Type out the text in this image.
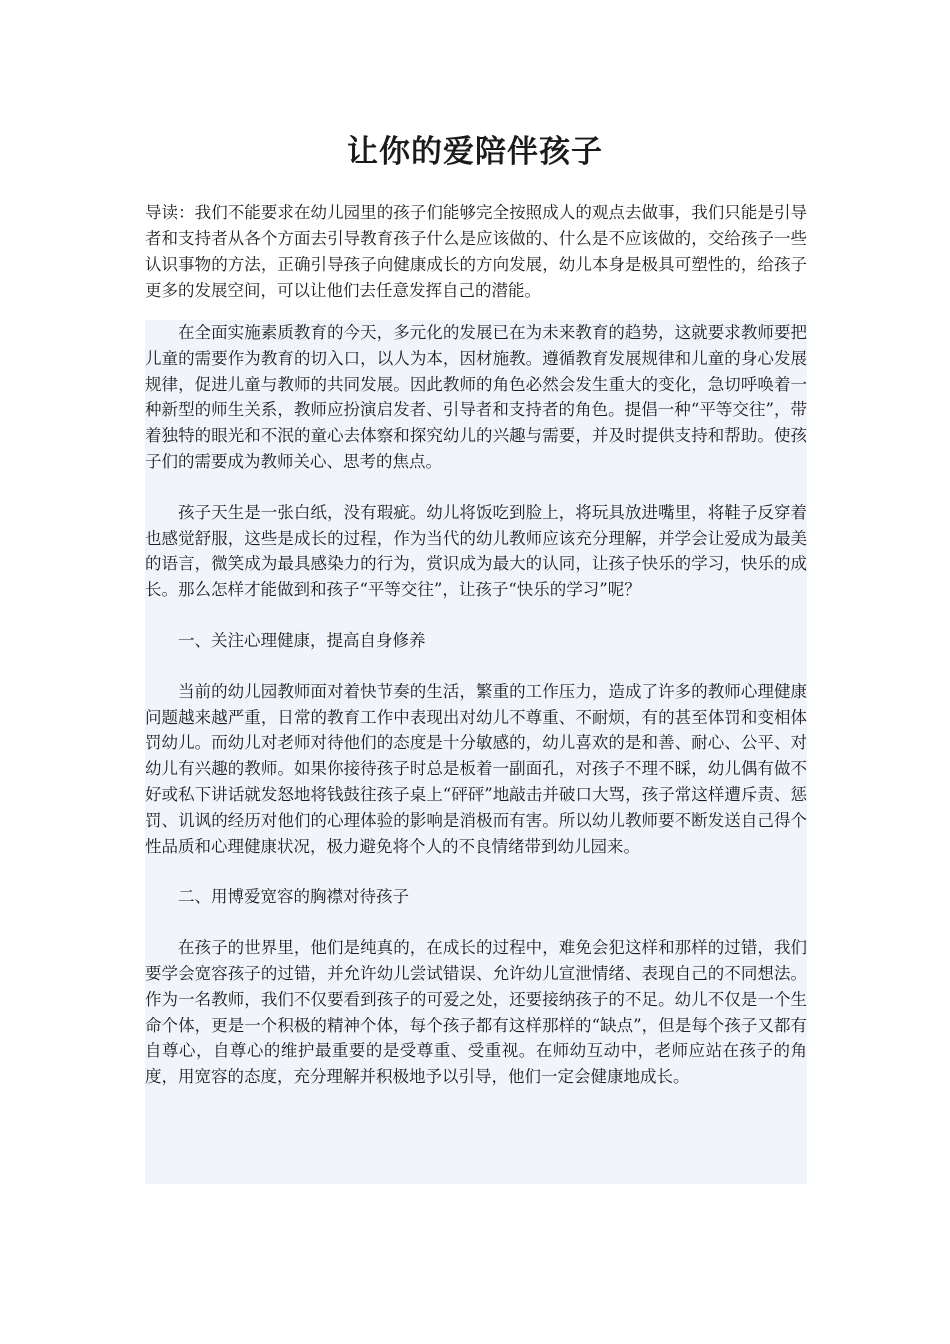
让你的爱陪伴孩子

导读：我们不能要求在幼儿园里的孩子们能够完全按照成人的观点去做事，我们只能是引导者和支持者从各个方面去引导教育孩子什么是应该做的、什么是不应该做的，交给孩子一些认识事物的方法，正确引导孩子向健康成长的方向发展，幼儿本身是极具可塑性的，给孩子更多的发展空间，可以让他们去任意发挥自己的潜能。

在全面实施素质教育的今天，多元化的发展已在为未来教育的趋势，这就要求教师要把儿童的需要作为教育的切入口，以人为本，因材施教。遵循教育发展规律和儿童的身心发展规律，促进儿童与教师的共同发展。因此教师的角色必然会发生重大的变化，急切呼唤着一种新型的师生关系，教师应扮演启发者、引导者和支持者的角色。提倡一种“平等交往”，带着独特的眼光和不泯的童心去体察和探究幼儿的兴趣与需要，并及时提供支持和帮助。使孩子们的需要成为教师关心、思考的焦点。

孩子天生是一张白纸，没有瑕疵。幼儿将饭吃到脸上，将玩具放进嘴里，将鞋子反穿着也感觉舒服，这些是成长的过程，作为当代的幼儿教师应该充分理解，并学会让爱成为最美的语言，微笑成为最具感染力的行为，赏识成为最大的认同，让孩子快乐的学习，快乐的成长。那么怎样才能做到和孩子“平等交往”，让孩子“快乐的学习”呢？

一、关注心理健康，提高自身修养

当前的幼儿园教师面对着快节奏的生活，繁重的工作压力，造成了许多的教师心理健康问题越来越严重，日常的教育工作中表现出对幼儿不尊重、不耐烦，有的甚至体罚和变相体罚幼儿。而幼儿对老师对待他们的态度是十分敏感的，幼儿喜欢的是和善、耐心、公平、对幼儿有兴趣的教师。如果你接待孩子时总是板着一副面孔，对孩子不理不睬，幼儿偶有做不好或私下讲话就发怒地将钱鼓往孩子桌上“砰砰”地敲击并破口大骂，孩子常这样遭斥责、惩罚、讥讽的经历对他们的心理体验的影响是消极而有害。所以幼儿教师要不断发送自己得个性品质和心理健康状况，极力避免将个人的不良情绪带到幼儿园来。

二、用博爱宽容的胸襟对待孩子

在孩子的世界里，他们是纯真的，在成长的过程中，难免会犯这样和那样的过错，我们要学会宽容孩子的过错，并允许幼儿尝试错误、允许幼儿宣泄情绪、表现自己的不同想法。作为一名教师，我们不仅要看到孩子的可爱之处，还要接纳孩子的不足。幼儿不仅是一个生命个体，更是一个积极的精神个体，每个孩子都有这样那样的“缺点”，但是每个孩子又都有自尊心，自尊心的维护最重要的是受尊重、受重视。在师幼互动中，老师应站在孩子的角度，用宽容的态度，充分理解并积极地予以引导，他们一定会健康地成长。
